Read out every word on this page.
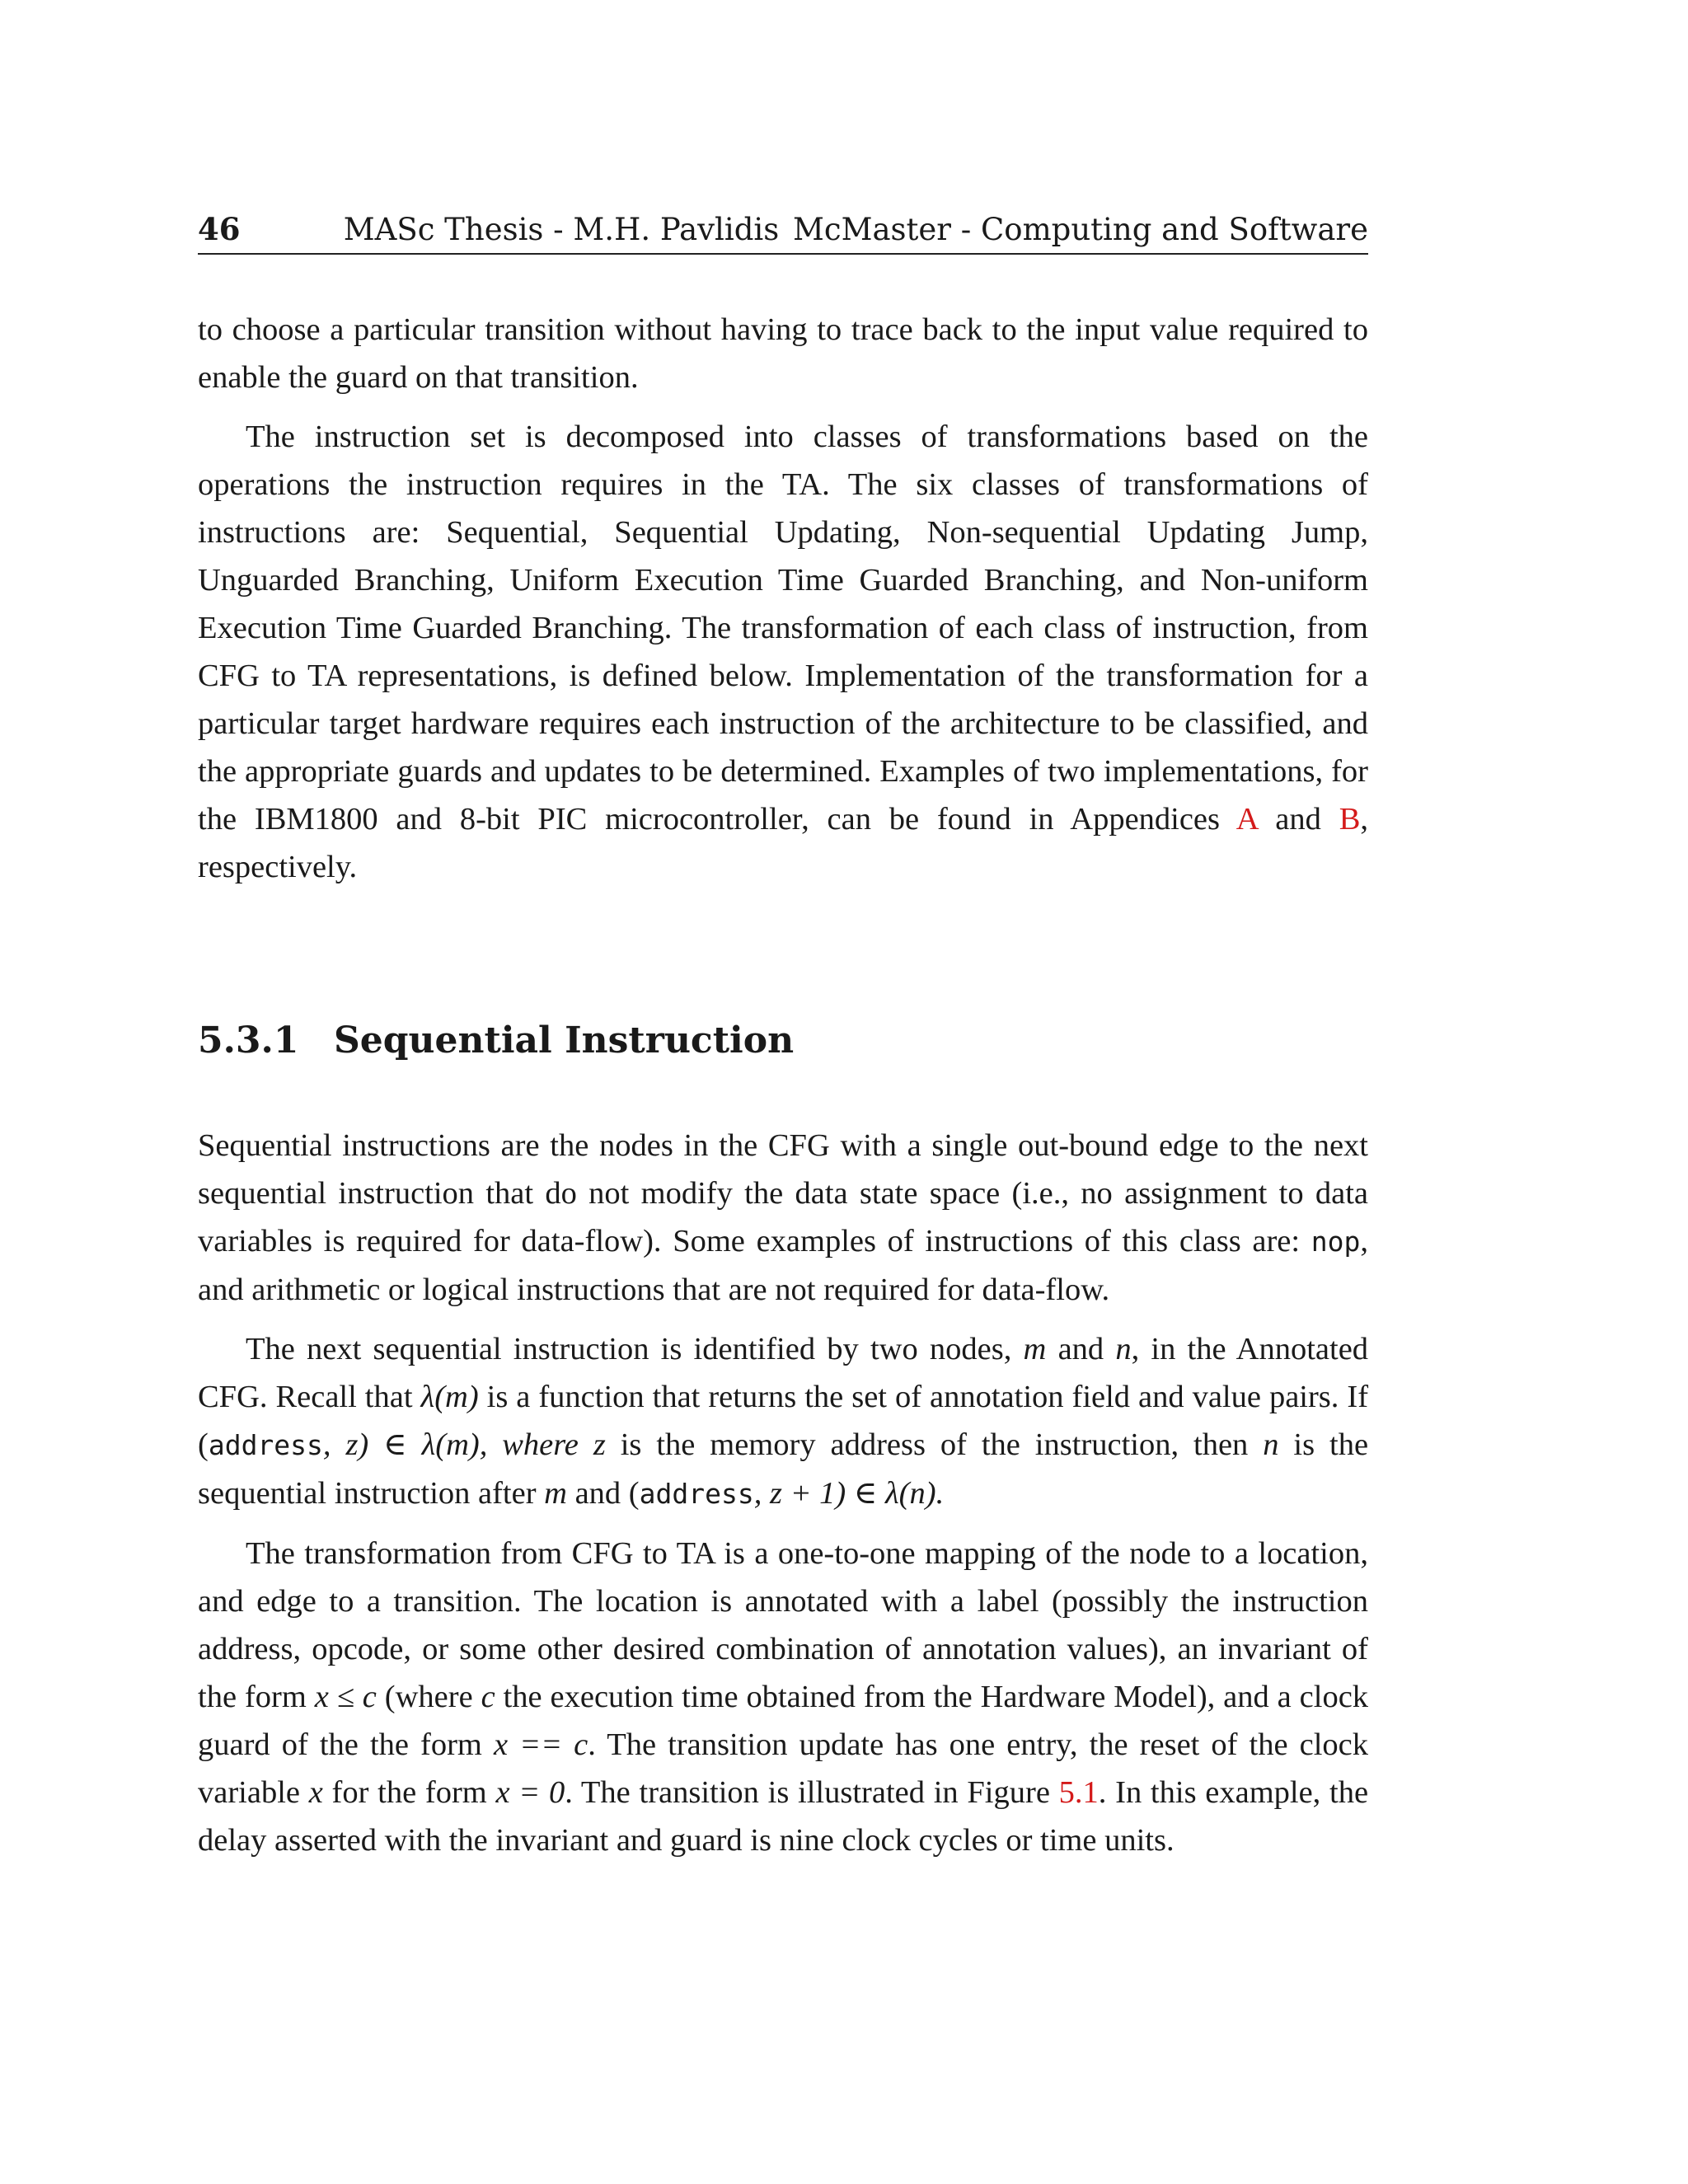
46	MASc Thesis - M.H. Pavlidis McMaster - Computing and Software

to choose a particular transition without having to trace back to the input value required to enable the guard on that transition.

The instruction set is decomposed into classes of transformations based on the operations the instruction requires in the TA. The six classes of transformations of instructions are: Sequential, Sequential Updating, Non-sequential Updating Jump, Unguarded Branching, Uniform Execution Time Guarded Branching, and Non-uniform Execution Time Guarded Branching. The transformation of each class of instruction, from CFG to TA representations, is defined below. Implementation of the transformation for a particular target hardware requires each instruction of the architecture to be classified, and the appropriate guards and updates to be determined. Examples of two implementations, for the IBM1800 and 8-bit PIC microcontroller, can be found in Appendices A and B, respectively.

5.3.1 Sequential Instruction

Sequential instructions are the nodes in the CFG with a single out-bound edge to the next sequential instruction that do not modify the data state space (i.e., no assignment to data variables is required for data-flow). Some examples of instructions of this class are: nop, and arithmetic or logical instructions that are not required for data-flow.

The next sequential instruction is identified by two nodes, m and n, in the Annotated CFG. Recall that λ(m) is a function that returns the set of annotation field and value pairs. If (address, z) ∈ λ(m), where z is the memory address of the instruction, then n is the sequential instruction after m and (address, z + 1) ∈ λ(n).

The transformation from CFG to TA is a one-to-one mapping of the node to a location, and edge to a transition. The location is annotated with a label (possibly the instruction address, opcode, or some other desired combination of annotation values), an invariant of the form x ≤ c (where c the execution time obtained from the Hardware Model), and a clock guard of the the form x == c. The transition update has one entry, the reset of the clock variable x for the form x = 0. The transition is illustrated in Figure 5.1. In this example, the delay asserted with the invariant and guard is nine clock cycles or time units.
